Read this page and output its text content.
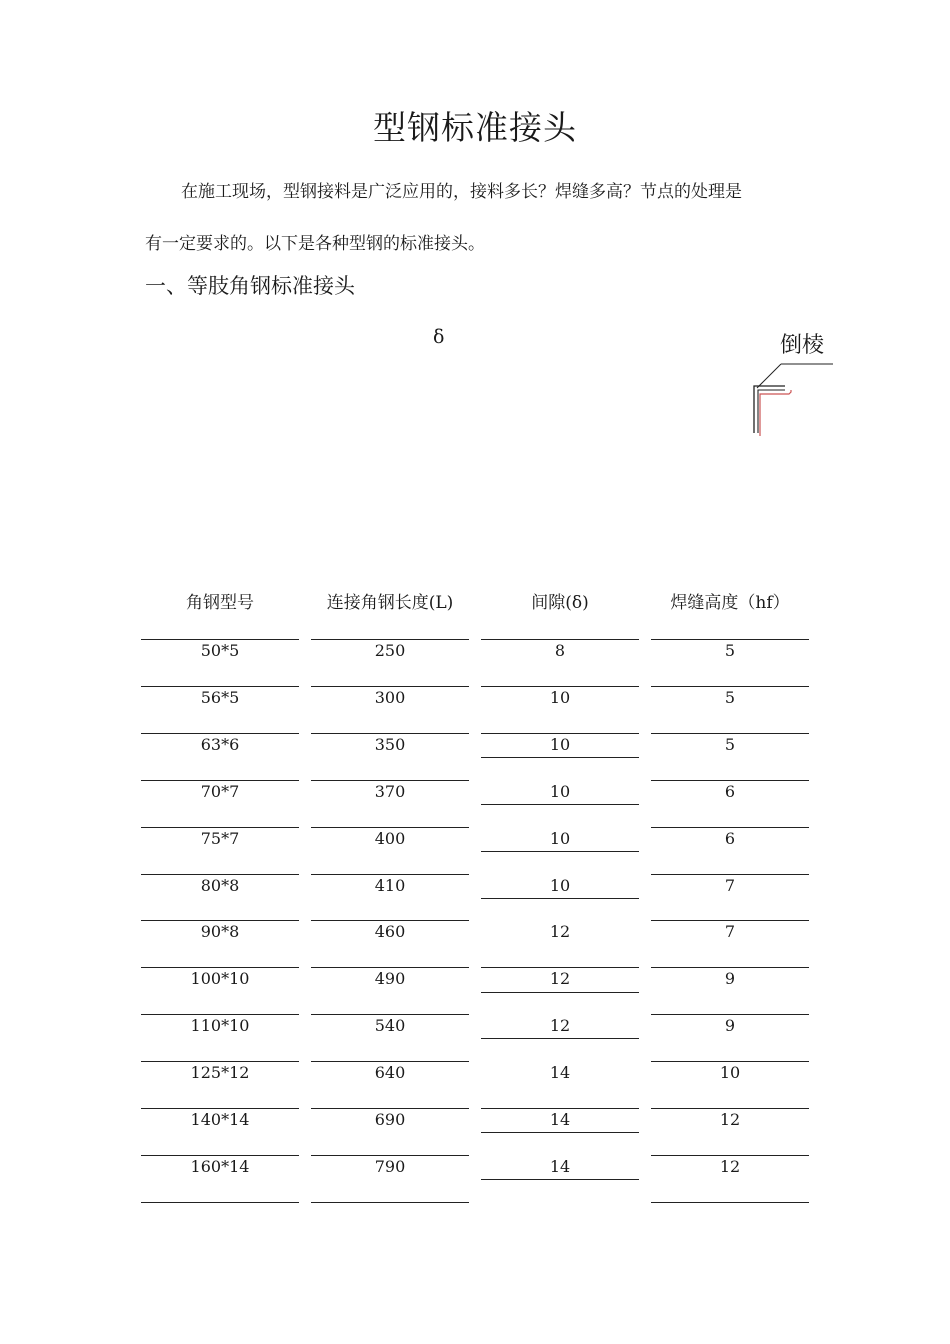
型钢标准接头
在施工现场，型钢接料是广泛应用的，接料多长？焊缝多高？节点的处理是
有一定要求的。以下是各种型钢的标准接头。
一、等肢角钢标准接头
δ	倒棱
角钢型号	连接角钢长度(L)	间隙(δ)	焊缝高度（hf）
50*5	250	8	5
56*5	300	10	5
63*6	350	10	5
70*7	370	10	6
75*7	400	10	6
80*8	410	10	7
90*8	460	12	7
100*10	490	12	9
110*10	540	12	9
125*12	640	14	10
140*14	690	14	12
160*14	790	14	12
